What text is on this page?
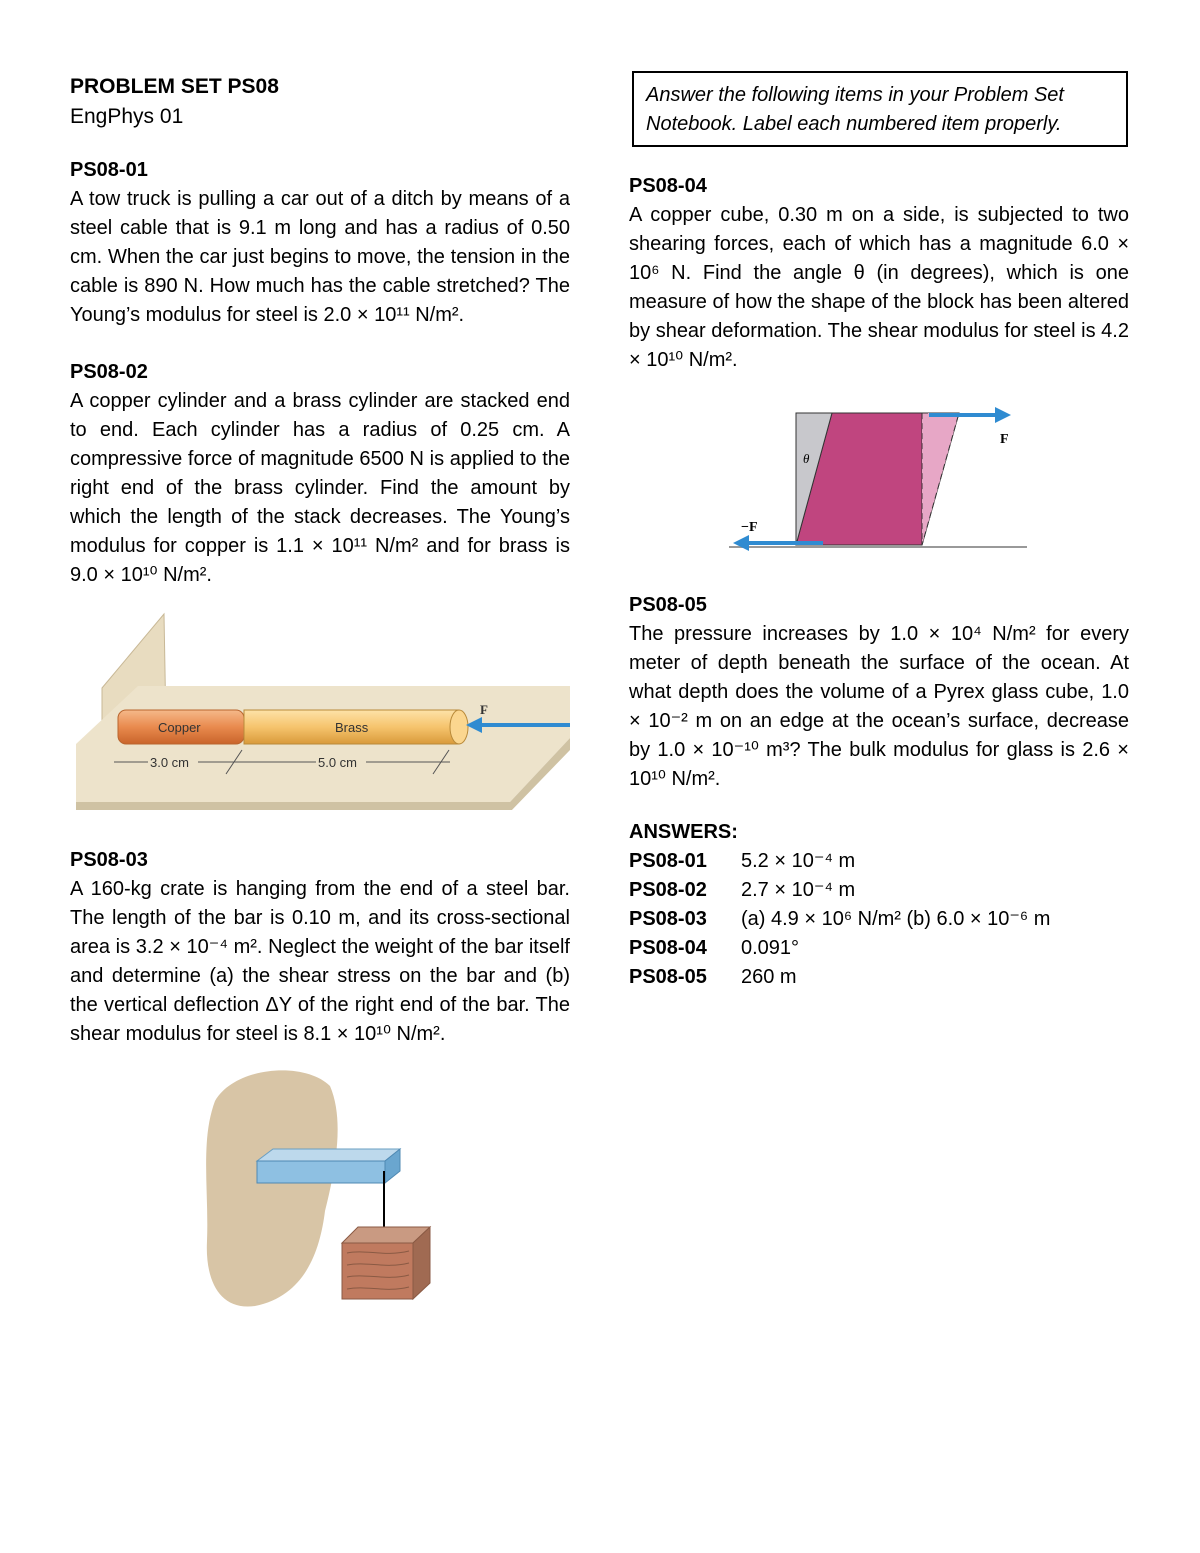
PROBLEM SET PS08
EngPhys 01
PS08-01
A tow truck is pulling a car out of a ditch by means of a steel cable that is 9.1 m long and has a radius of 0.50 cm. When the car just begins to move, the tension in the cable is 890 N. How much has the cable stretched? The Young’s modulus for steel is 2.0 × 10¹¹ N/m².
PS08-02
A copper cylinder and a brass cylinder are stacked end to end. Each cylinder has a radius of 0.25 cm. A compressive force of magnitude 6500 N is applied to the right end of the brass cylinder. Find the amount by which the length of the stack decreases. The Young’s modulus for copper is 1.1 × 10¹¹ N/m² and for brass is 9.0 × 10¹⁰ N/m².
Copper	Brass
F
3.0 cm	5.0 cm
PS08-03
A 160-kg crate is hanging from the end of a steel bar. The length of the bar is 0.10 m, and its cross-sectional area is 3.2 × 10⁻⁴ m². Neglect the weight of the bar itself and determine (a) the shear stress on the bar and (b) the vertical deflection ΔY of the right end of the bar. The shear modulus for steel is 8.1 × 10¹⁰ N/m².
Answer the following items in your Problem Set Notebook. Label each numbered item properly.
PS08-04
A copper cube, 0.30 m on a side, is subjected to two shearing forces, each of which has a magnitude 6.0 × 10⁶ N. Find the angle θ (in degrees), which is one measure of how the shape of the block has been altered by shear deformation. The shear modulus for steel is 4.2 × 10¹⁰ N/m².
θ
F
−F
PS08-05
The pressure increases by 1.0 × 10⁴ N/m² for every meter of depth beneath the surface of the ocean. At what depth does the volume of a Pyrex glass cube, 1.0 × 10⁻² m on an edge at the ocean’s surface, decrease by 1.0 × 10⁻¹⁰ m³? The bulk modulus for glass is 2.6 × 10¹⁰ N/m².
ANSWERS:
PS08-01	5.2 × 10⁻⁴ m
PS08-02	2.7 × 10⁻⁴ m
PS08-03	(a) 4.9 × 10⁶ N/m² (b) 6.0 × 10⁻⁶ m
PS08-04	0.091°
PS08-05	260 m
